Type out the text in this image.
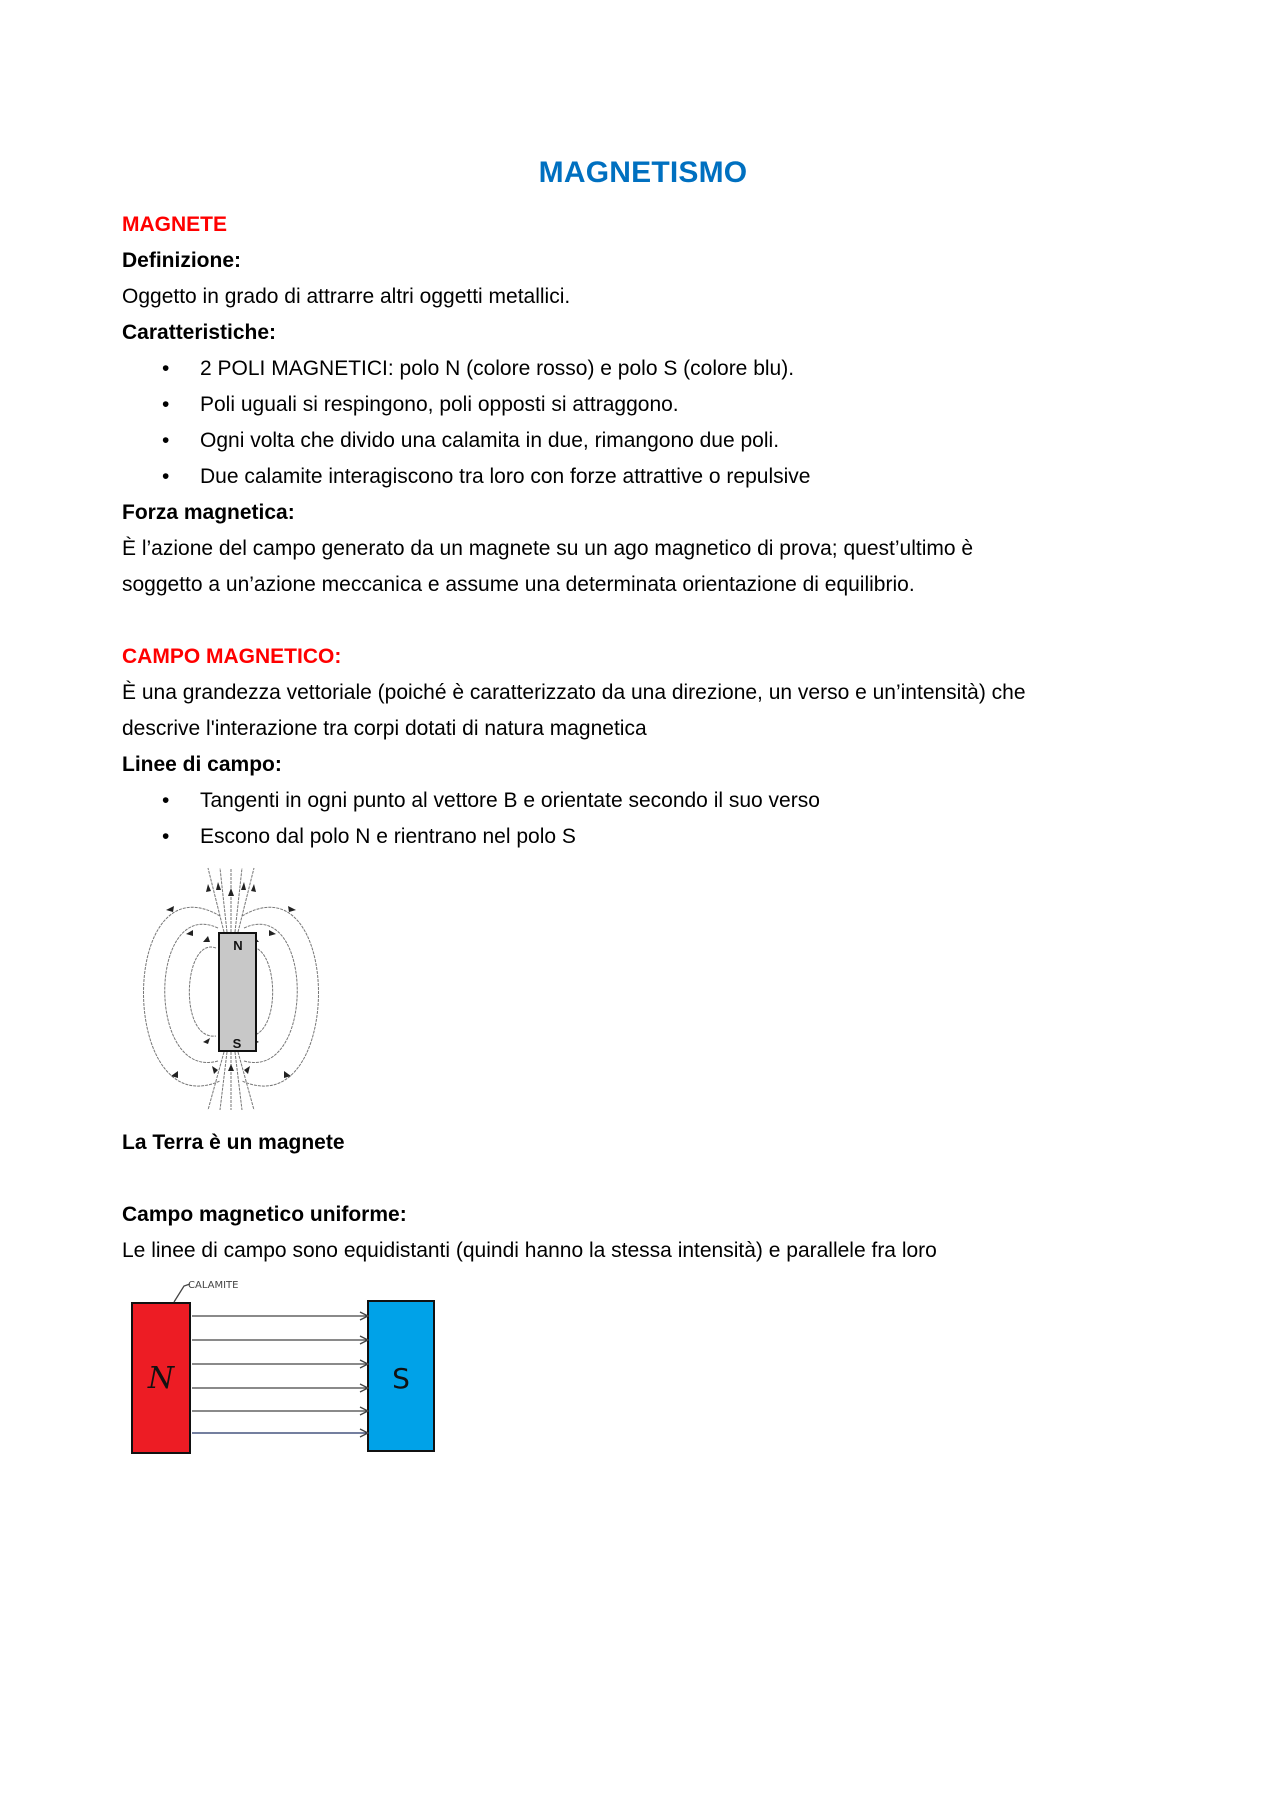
MAGNETISMO
MAGNETE
Definizione:
Oggetto in grado di attrarre altri oggetti metallici.
Caratteristiche:
• 2 POLI MAGNETICI: polo N (colore rosso) e polo S (colore blu).
• Poli uguali si respingono, poli opposti si attraggono.
• Ogni volta che divido una calamita in due, rimangono due poli.
• Due calamite interagiscono tra loro con forze attrattive o repulsive
Forza magnetica:
È l’azione del campo generato da un magnete su un ago magnetico di prova; quest’ultimo è
soggetto a un’azione meccanica e assume una determinata orientazione di equilibrio.
CAMPO MAGNETICO:
È una grandezza vettoriale (poiché è caratterizzato da una direzione, un verso e un’intensità) che
descrive l'interazione tra corpi dotati di natura magnetica
Linee di campo:
• Tangenti in ogni punto al vettore B e orientate secondo il suo verso
• Escono dal polo N e rientrano nel polo S
N
S
La Terra è un magnete
Campo magnetico uniforme:
Le linee di campo sono equidistanti (quindi hanno la stessa intensità) e parallele fra loro
CALAMITE
N	S
